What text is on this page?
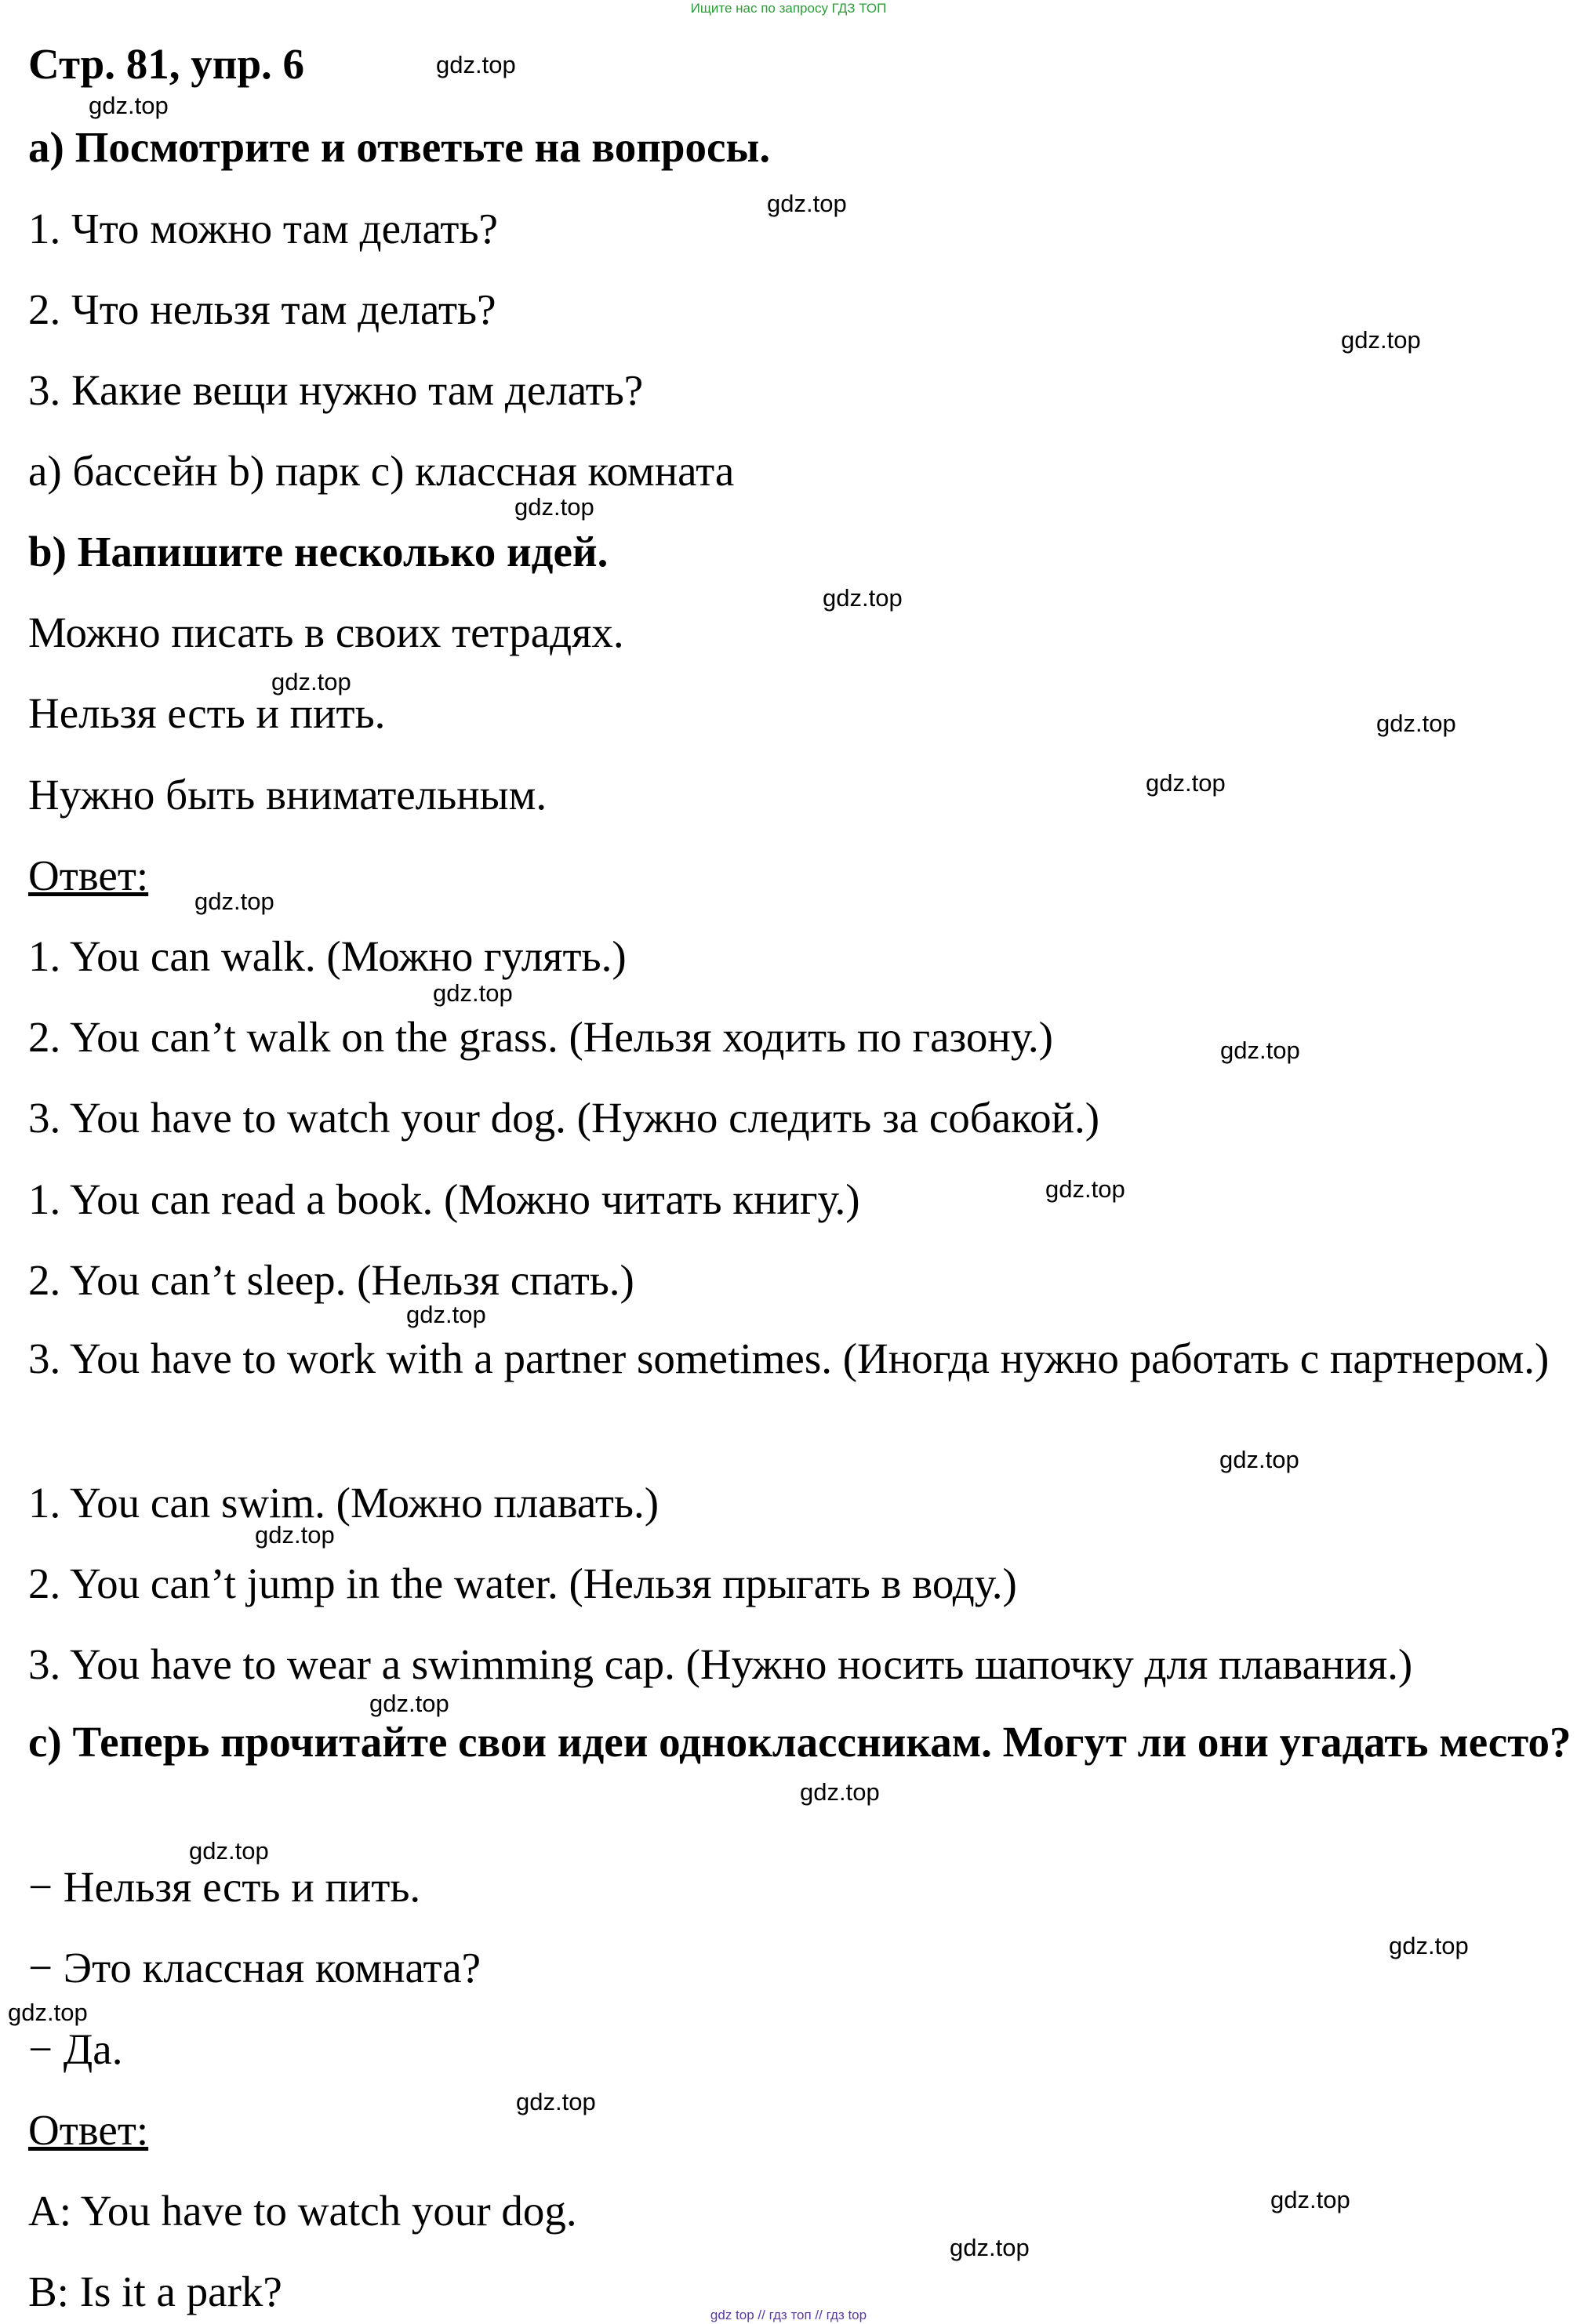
Ищите нас по запросу ГДЗ ТОП

Стр. 81, упр. 6

a) Посмотрите и ответьте на вопросы.

1. Что можно там делать?

2. Что нельзя там делать?

3. Какие вещи нужно там делать?

a) бассейн b) парк c) классная комната

b) Напишите несколько идей.

Можно писать в своих тетрадях.

Нельзя есть и пить.

Нужно быть внимательным.

Ответ:

1. You can walk. (Можно гулять.)

2. You can’t walk on the grass. (Нельзя ходить по газону.)

3. You have to watch your dog. (Нужно следить за собакой.)

1. You can read a book. (Можно читать книгу.)

2. You can’t sleep. (Нельзя спать.)

3. You have to work with a partner sometimes. (Иногда нужно работать с партнером.)

1. You can swim. (Можно плавать.)

2. You can’t jump in the water. (Нельзя прыгать в воду.)

3. You have to wear a swimming cap. (Нужно носить шапочку для плавания.)

c) Теперь прочитайте свои идеи одноклассникам. Могут ли они угадать место?

− Нельзя есть и пить.

− Это классная комната?

− Да.

Ответ:

A: You have to watch your dog.

B: Is it a park?

gdz.top
gdz.top
gdz.top
gdz.top
gdz.top
gdz.top
gdz.top
gdz.top
gdz.top
gdz.top
gdz.top
gdz.top
gdz.top
gdz.top
gdz.top
gdz.top
gdz.top
gdz.top
gdz.top
gdz.top
gdz.top
gdz.top
gdz.top
gdz.top
gdz top // гдз топ // гдз top
